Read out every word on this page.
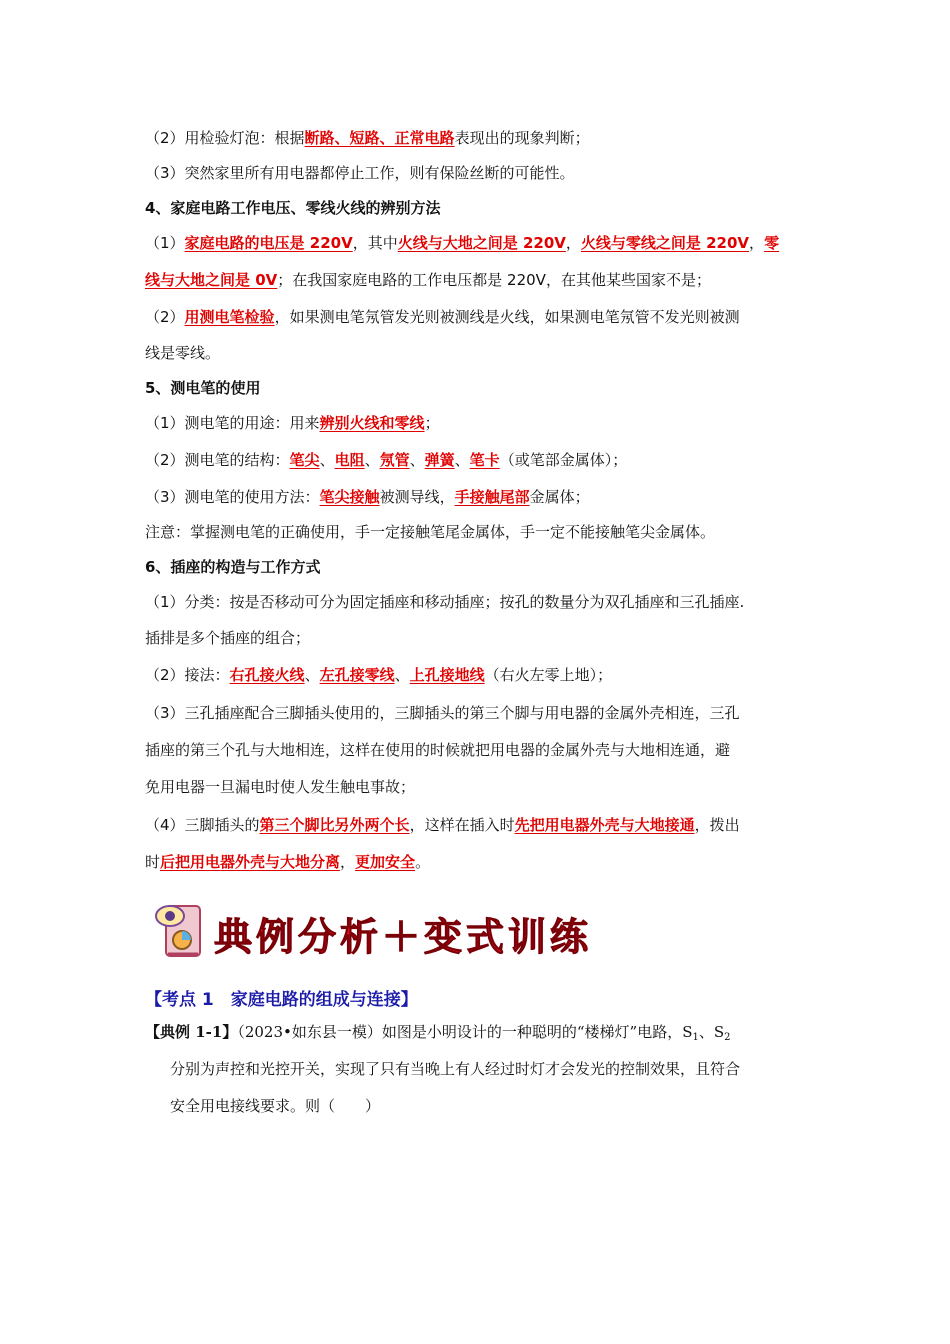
（2）用检验灯泡：根据断路、短路、正常电路表现出的现象判断；
（3）突然家里所有用电器都停止工作，则有保险丝断的可能性。
4、家庭电路工作电压、零线火线的辨别方法
（1）家庭电路的电压是 220V，其中火线与大地之间是 220V，火线与零线之间是 220V，零
线与大地之间是 0V；在我国家庭电路的工作电压都是 220V，在其他某些国家不是；
（2）用测电笔检验，如果测电笔氖管发光则被测线是火线，如果测电笔氖管不发光则被测
线是零线。
5、测电笔的使用
（1）测电笔的用途：用来辨别火线和零线；
（2）测电笔的结构：笔尖、电阻、氖管、弹簧、笔卡（或笔部金属体）；
（3）测电笔的使用方法：笔尖接触被测导线，手接触尾部金属体；
注意：掌握测电笔的正确使用，手一定接触笔尾金属体，手一定不能接触笔尖金属体。
6、插座的构造与工作方式
（1）分类：按是否移动可分为固定插座和移动插座；按孔的数量分为双孔插座和三孔插座.
插排是多个插座的组合；
（2）接法：右孔接火线、左孔接零线、上孔接地线（右火左零上地）；
（3）三孔插座配合三脚插头使用的，三脚插头的第三个脚与用电器的金属外壳相连，三孔
插座的第三个孔与大地相连，这样在使用的时候就把用电器的金属外壳与大地相连通，避
免用电器一旦漏电时使人发生触电事故；
（4）三脚插头的第三个脚比另外两个长，这样在插入时先把用电器外壳与大地接通，拨出
时后把用电器外壳与大地分离，更加安全。
典例分析＋变式训练
【考点 1　家庭电路的组成与连接】
【典例 1-1】（2023•如东县一模）如图是小明设计的一种聪明的“楼梯灯”电路，$S_1$、$S_2$
分别为声控和光控开关，实现了只有当晚上有人经过时灯才会发光的控制效果，且符合
安全用电接线要求。则（　　）
